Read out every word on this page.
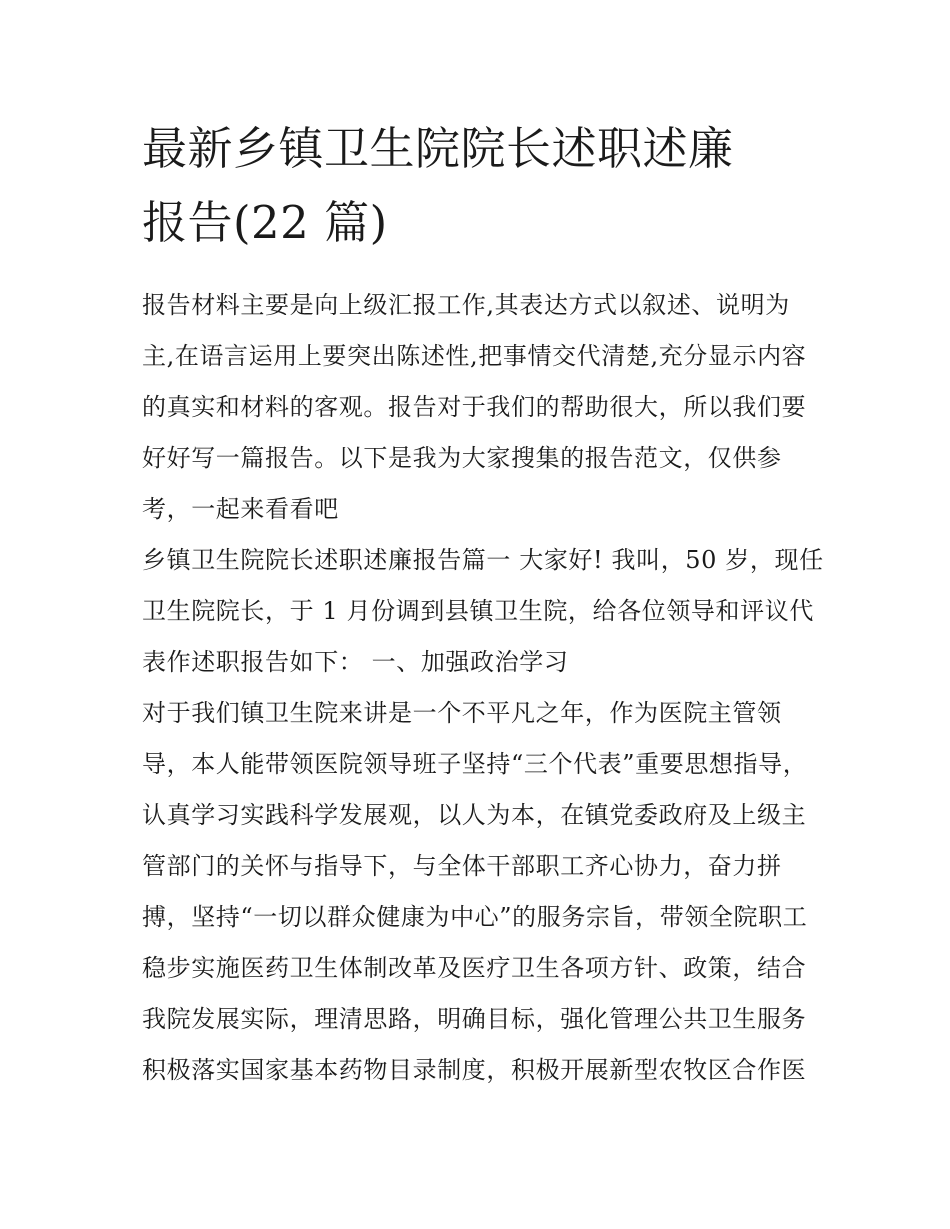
最新乡镇卫生院院长述职述廉
报告(22 篇)

报告材料主要是向上级汇报工作,其表达方式以叙述、说明为
主,在语言运用上要突出陈述性,把事情交代清楚,充分显示内容
的真实和材料的客观。报告对于我们的帮助很大，所以我们要
好好写一篇报告。以下是我为大家搜集的报告范文，仅供参
考，一起来看看吧

乡镇卫生院院长述职述廉报告篇一 大家好! 我叫，50 岁，现任
卫生院院长，于 1 月份调到县镇卫生院，给各位领导和评议代
表作述职报告如下： 一、加强政治学习

对于我们镇卫生院来讲是一个不平凡之年，作为医院主管领
导，本人能带领医院领导班子坚持“三个代表”重要思想指导，
认真学习实践科学发展观，以人为本，在镇党委政府及上级主
管部门的关怀与指导下，与全体干部职工齐心协力，奋力拼
搏，坚持“一切以群众健康为中心”的服务宗旨，带领全院职工
稳步实施医药卫生体制改革及医疗卫生各项方针、政策，结合
我院发展实际，理清思路，明确目标，强化管理公共卫生服务
积极落实国家基本药物目录制度，积极开展新型农牧区合作医
